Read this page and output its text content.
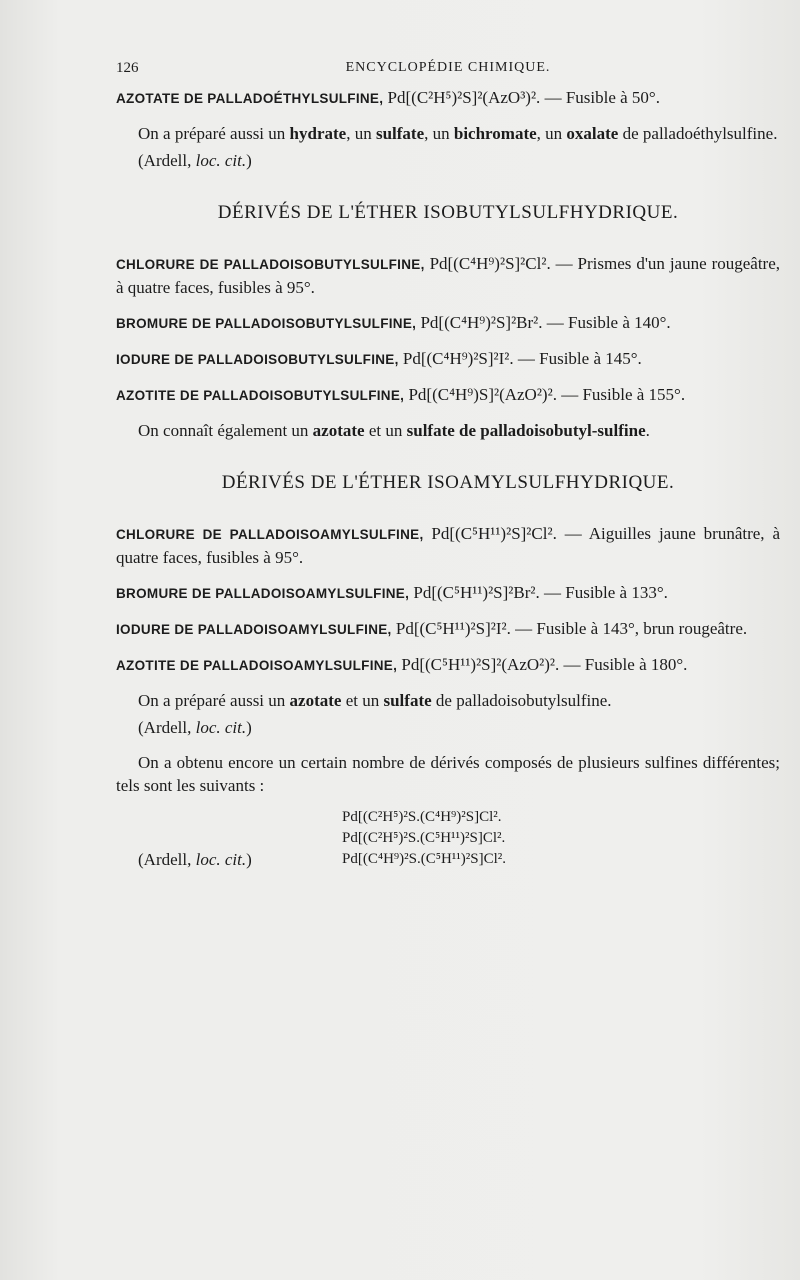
126	ENCYCLOPÉDIE CHIMIQUE.

AZOTATE DE PALLADOÉTHYLSULFINE, Pd[(C²H⁵)²S]²(AzO³)². — Fusible à 50°.

On a préparé aussi un hydrate, un sulfate, un bichromate, un oxalate de palladoéthylsulfine.

(Ardell, loc. cit.)

DÉRIVÉS DE L'ÉTHER ISOBUTYLSULFHYDRIQUE.

CHLORURE DE PALLADOISOBUTYLSULFINE, Pd[(C⁴H⁹)²S]²Cl². — Prismes d'un jaune rougeâtre, à quatre faces, fusibles à 95°.

BROMURE DE PALLADOISOBUTYLSULFINE, Pd[(C⁴H⁹)²S]²Br². — Fusible à 140°.

IODURE DE PALLADOISOBUTYLSULFINE, Pd[(C⁴H⁹)²S]²I². — Fusible à 145°.

AZOTITE DE PALLADOISOBUTYLSULFINE, Pd[(C⁴H⁹)S]²(AzO²)². — Fusible à 155°.

On connaît également un azotate et un sulfate de palladoisobutyl-sulfine.

DÉRIVÉS DE L'ÉTHER ISOAMYLSULFHYDRIQUE.

CHLORURE DE PALLADOISOAMYLSULFINE, Pd[(C⁵H¹¹)²S]²Cl². — Aiguilles jaune brunâtre, à quatre faces, fusibles à 95°.

BROMURE DE PALLADOISOAMYLSULFINE, Pd[(C⁵H¹¹)²S]²Br². — Fusible à 133°.

IODURE DE PALLADOISOAMYLSULFINE, Pd[(C⁵H¹¹)²S]²I². — Fusible à 143°, brun rougeâtre.

AZOTITE DE PALLADOISOAMYLSULFINE, Pd[(C⁵H¹¹)²S]²(AzO²)². — Fusible à 180°.

On a préparé aussi un azotate et un sulfate de palladoisobutylsulfine.

(Ardell, loc. cit.)

On a obtenu encore un certain nombre de dérivés composés de plusieurs sulfines différentes; tels sont les suivants :

Pd[(C²H⁵)²S.(C⁴H⁹)²S]Cl².
Pd[(C²H⁵)²S.(C⁵H¹¹)²S]Cl².
Pd[(C⁴H⁹)²S.(C⁵H¹¹)²S]Cl².
(Ardell, loc. cit.)
